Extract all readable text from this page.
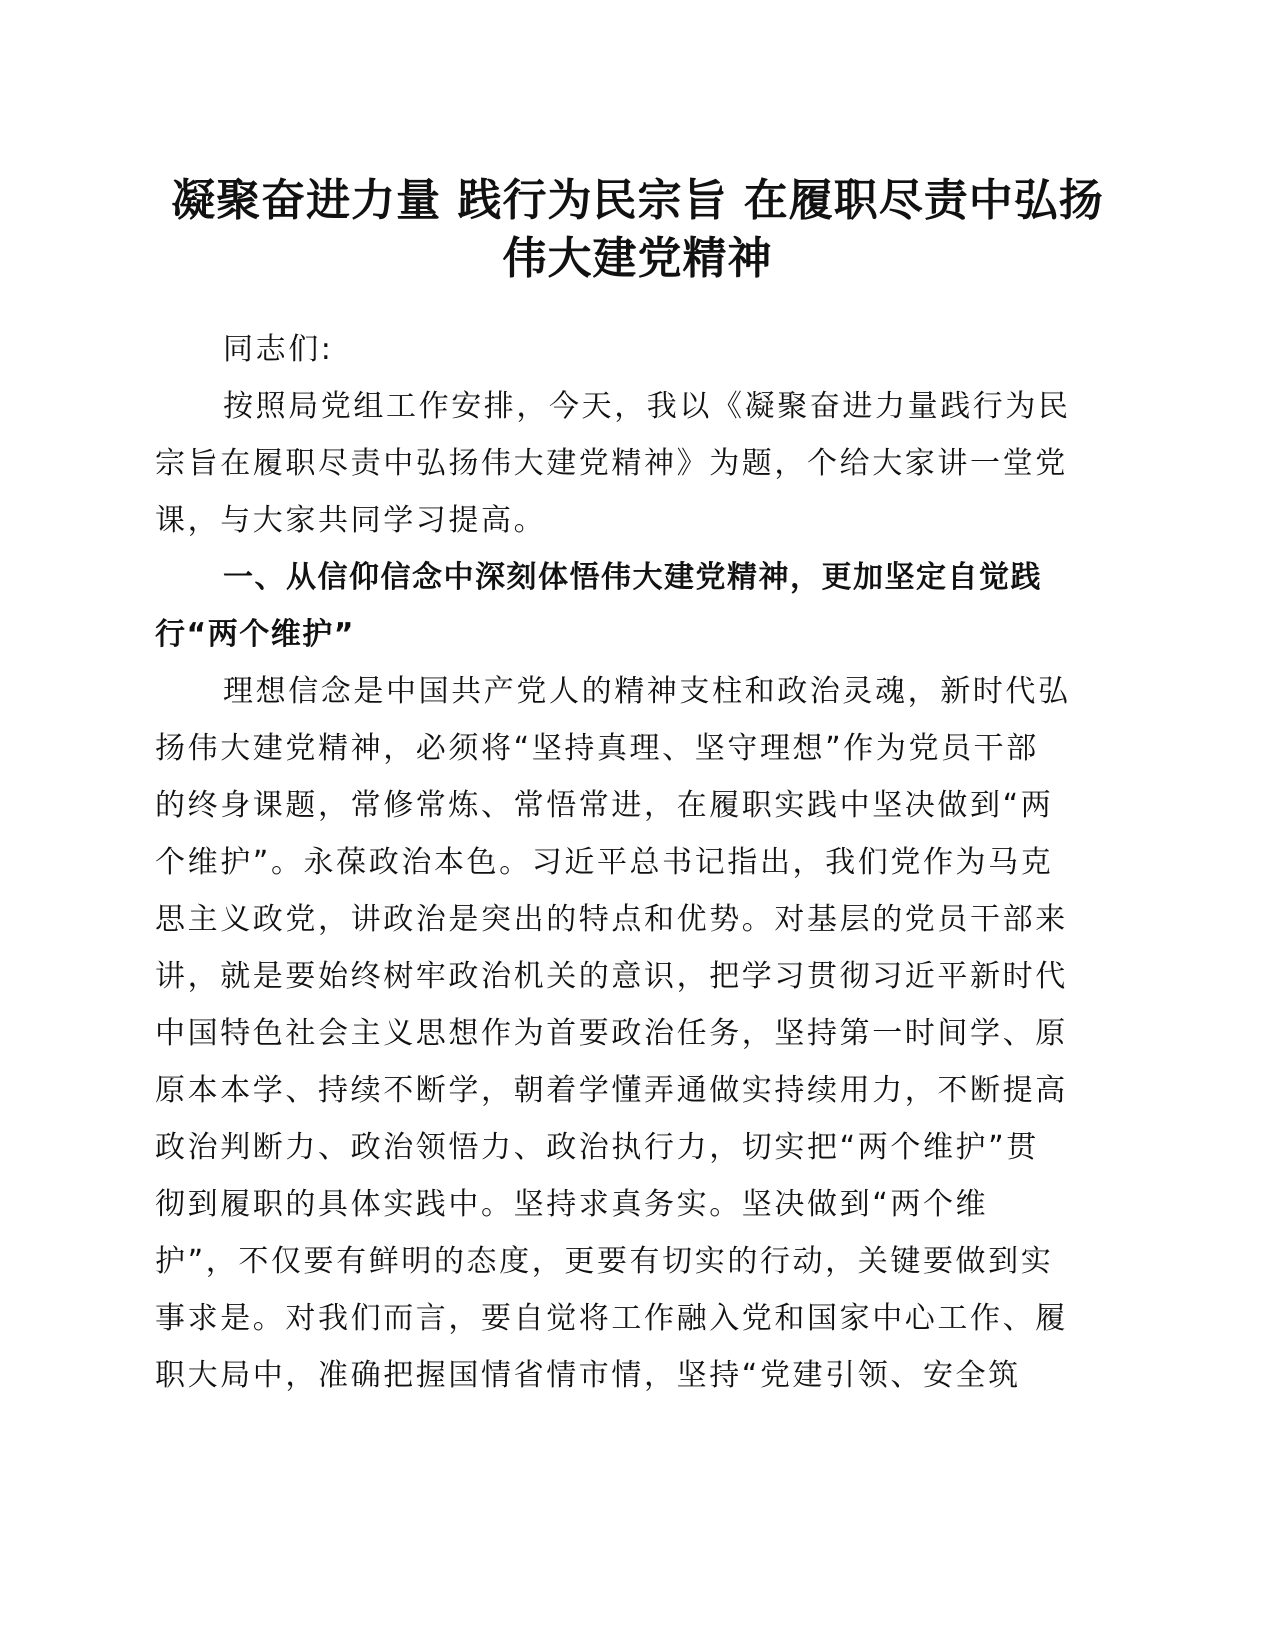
凝聚奋进力量 践行为民宗旨 在履职尽责中弘扬
伟大建党精神
同志们:
按照局党组工作安排，今天，我以《凝聚奋进力量践行为民
宗旨在履职尽责中弘扬伟大建党精神》为题，个给大家讲一堂党
课，与大家共同学习提高。
一、从信仰信念中深刻体悟伟大建党精神，更加坚定自觉践
行“两个维护”
理想信念是中国共产党人的精神支柱和政治灵魂，新时代弘
扬伟大建党精神，必须将“坚持真理、坚守理想”作为党员干部
的终身课题，常修常炼、常悟常进，在履职实践中坚决做到“两
个维护”。永葆政治本色。习近平总书记指出，我们党作为马克
思主义政党，讲政治是突出的特点和优势。对基层的党员干部来
讲，就是要始终树牢政治机关的意识，把学习贯彻习近平新时代
中国特色社会主义思想作为首要政治任务，坚持第一时间学、原
原本本学、持续不断学，朝着学懂弄通做实持续用力，不断提高
政治判断力、政治领悟力、政治执行力，切实把“两个维护”贯
彻到履职的具体实践中。坚持求真务实。坚决做到“两个维
护”，不仅要有鲜明的态度，更要有切实的行动，关键要做到实
事求是。对我们而言，要自觉将工作融入党和国家中心工作、履
职大局中，准确把握国情省情市情，坚持“党建引领、安全筑
